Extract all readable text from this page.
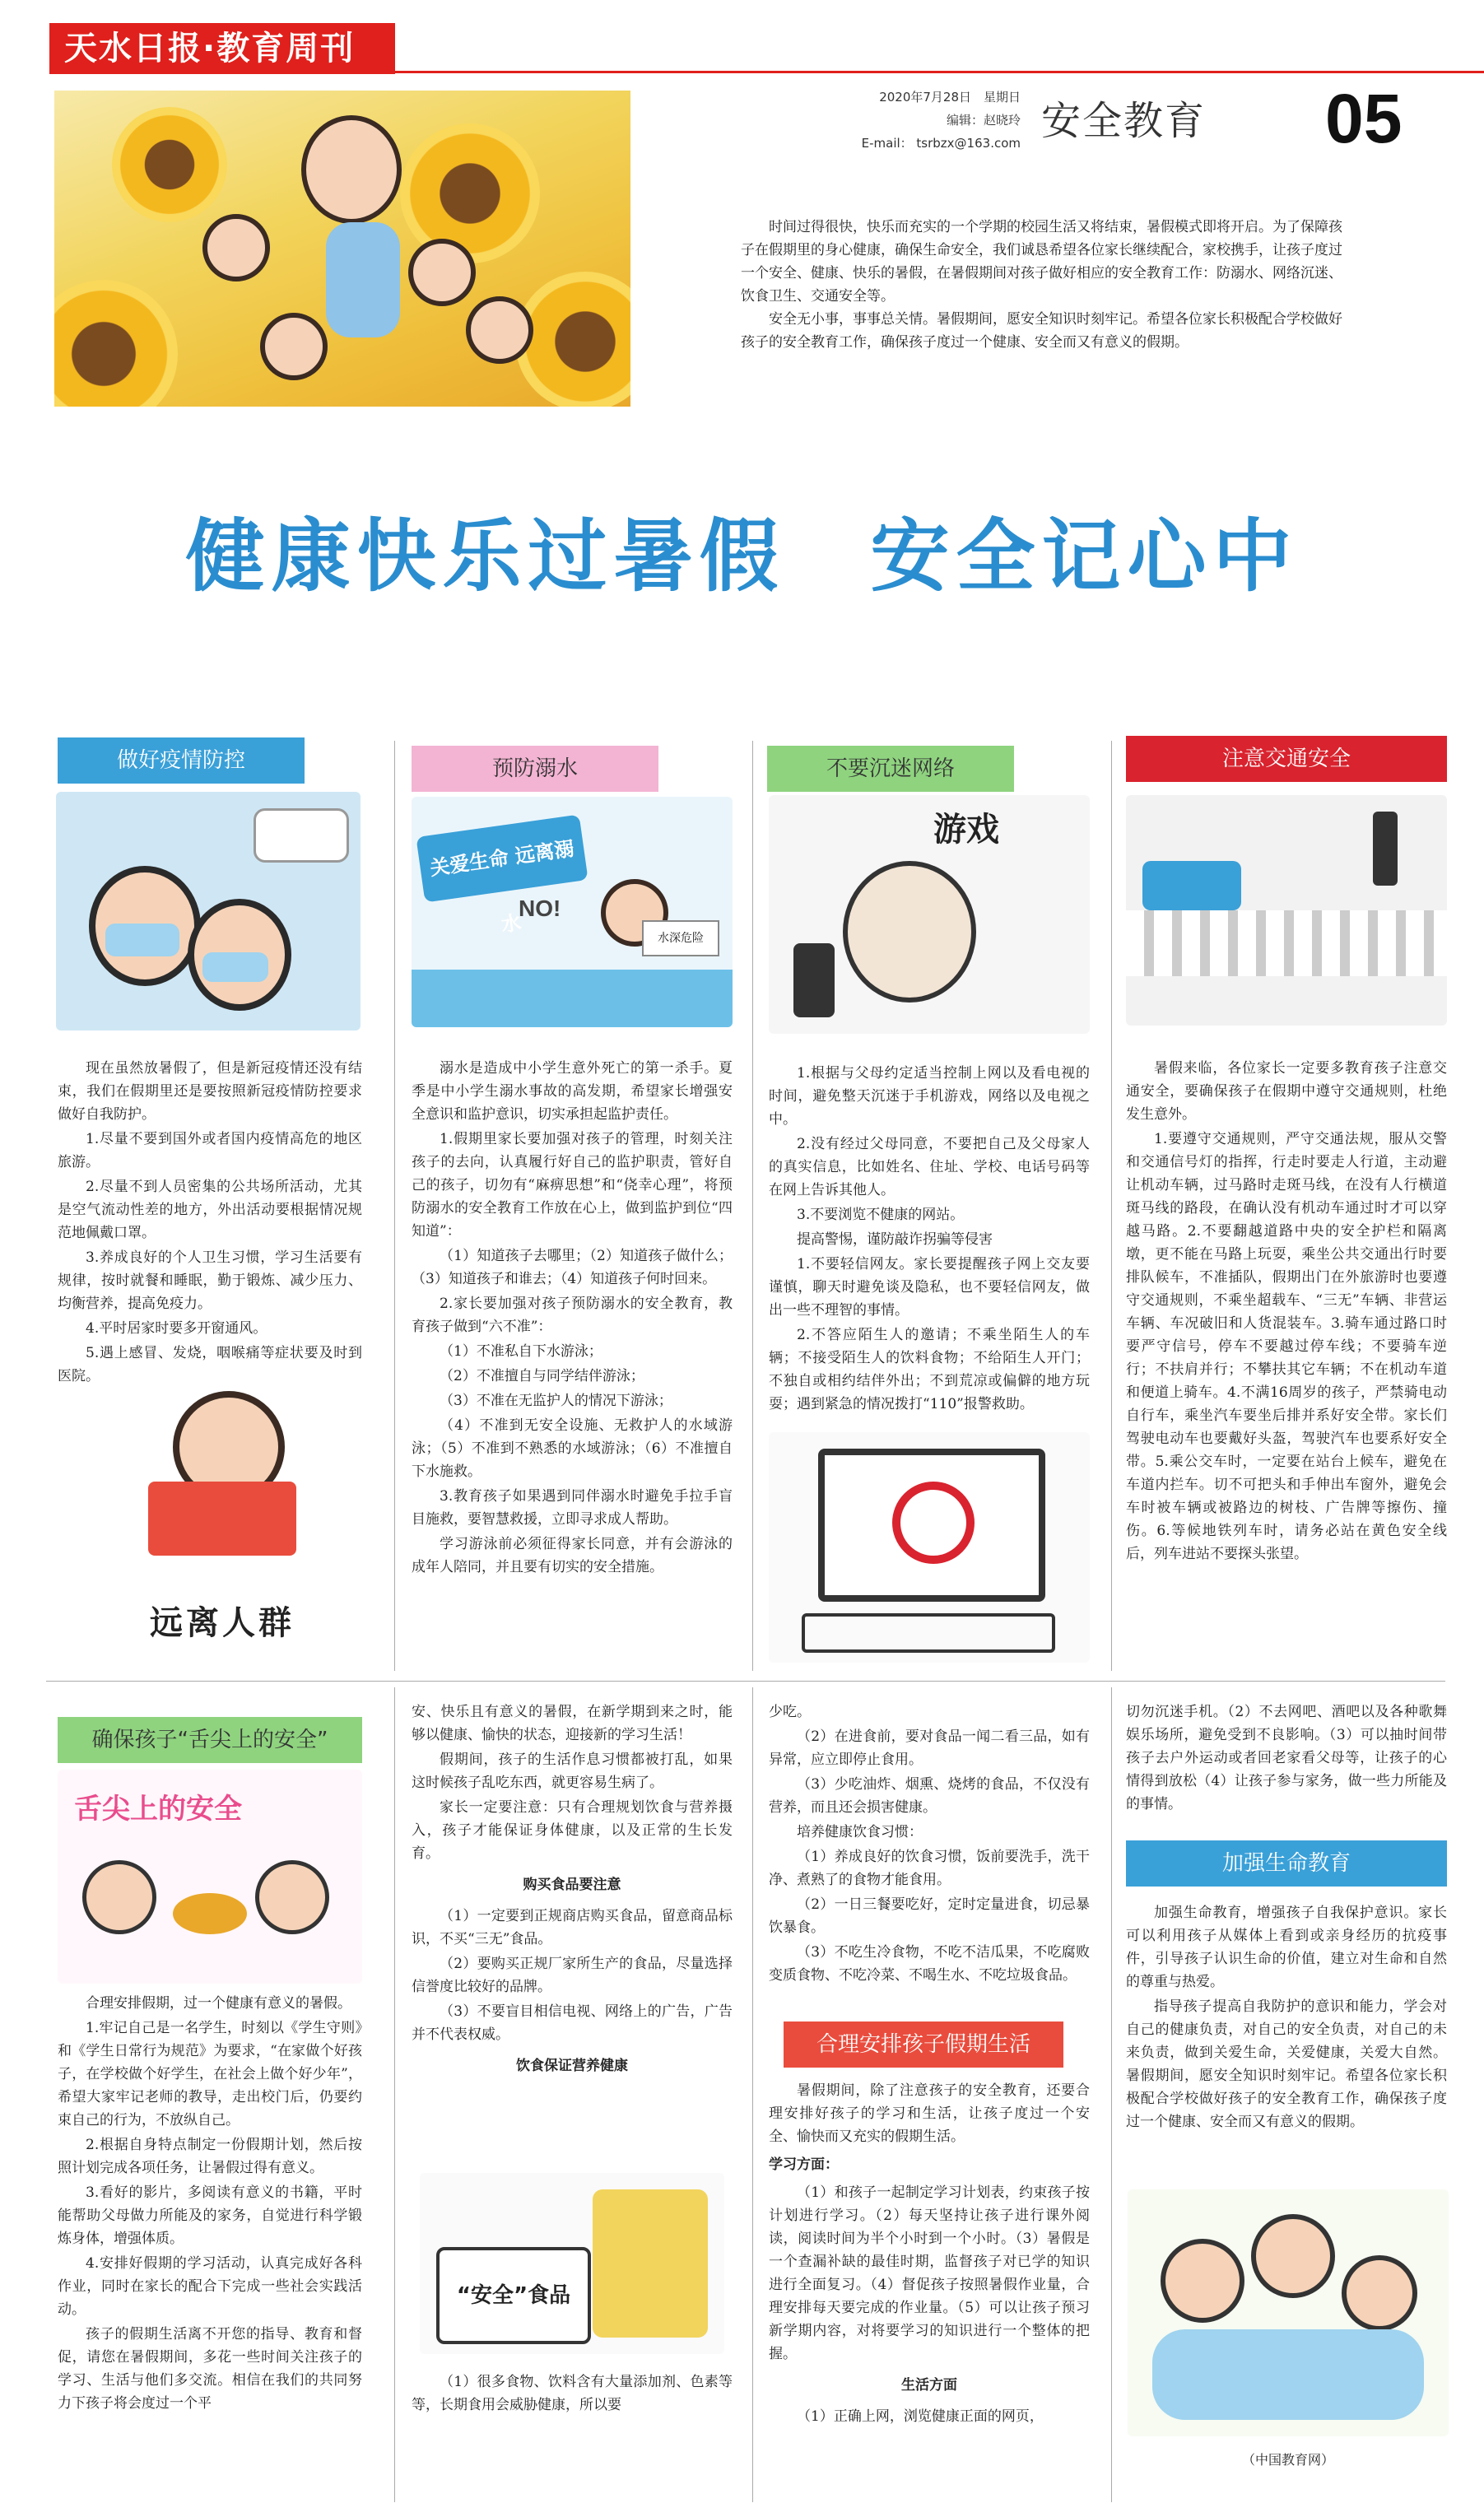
天水日报·教育周刊
2020年7月28日　星期日
编辑：赵晓玲
E-mail： tsrbzx@163.com 安全教育 05

时间过得很快，快乐而充实的一个学期的校园生活又将结束，暑假模式即将开启。为了保障孩子在假期里的身心健康，确保生命安全，我们诚恳希望各位家长继续配合，家校携手，让孩子度过一个安全、健康、快乐的暑假，在暑假期间对孩子做好相应的安全教育工作：防溺水、网络沉迷、饮食卫生、交通安全等。

安全无小事，事事总关情。暑假期间，愿安全知识时刻牢记。希望各位家长积极配合学校做好孩子的安全教育工作，确保孩子度过一个健康、安全而又有意义的假期。

健康快乐过暑假　安全记心中
做好疫情防控

现在虽然放暑假了，但是新冠疫情还没有结束，我们在假期里还是要按照新冠疫情防控要求做好自我防护。

1.尽量不要到国外或者国内疫情高危的地区旅游。

2.尽量不到人员密集的公共场所活动，尤其是空气流动性差的地方，外出活动要根据情况规范地佩戴口罩。

3.养成良好的个人卫生习惯，学习生活要有规律，按时就餐和睡眠，勤于锻炼、减少压力、均衡营养，提高免疫力。

4.平时居家时要多开窗通风。

5.遇上感冒、发烧，咽喉痛等症状要及时到医院。

远离人群
预防溺水
关爱生命 远离溺水
NO!
水深危险

溺水是造成中小学生意外死亡的第一杀手。夏季是中小学生溺水事故的高发期，希望家长增强安全意识和监护意识，切实承担起监护责任。

1.假期里家长要加强对孩子的管理，时刻关注孩子的去向，认真履行好自己的监护职责，管好自己的孩子，切勿有“麻痹思想”和“侥幸心理”，将预防溺水的安全教育工作放在心上，做到监护到位“四知道”：

（1）知道孩子去哪里；（2）知道孩子做什么；（3）知道孩子和谁去；（4）知道孩子何时回来。

2.家长要加强对孩子预防溺水的安全教育，教育孩子做到“六不准”：

（1）不准私自下水游泳；

（2）不准擅自与同学结伴游泳；

（3）不准在无监护人的情况下游泳；

（4）不准到无安全设施、无救护人的水域游泳；（5）不准到不熟悉的水域游泳；（6）不准擅自下水施救。

3.教育孩子如果遇到同伴溺水时避免手拉手盲目施救，要智慧救援，立即寻求成人帮助。

学习游泳前必须征得家长同意，并有会游泳的成年人陪同，并且要有切实的安全措施。

不要沉迷网络
游戏

1.根据与父母约定适当控制上网以及看电视的时间，避免整天沉迷于手机游戏，网络以及电视之中。

2.没有经过父母同意，不要把自己及父母家人的真实信息，比如姓名、住址、学校、电话号码等在网上告诉其他人。

3.不要浏览不健康的网站。

提高警惕，谨防敲诈拐骗等侵害

1.不要轻信网友。家长要提醒孩子网上交友要谨慎，聊天时避免谈及隐私，也不要轻信网友，做出一些不理智的事情。

2.不答应陌生人的邀请；不乘坐陌生人的车辆；不接受陌生人的饮料食物；不给陌生人开门；不独自或相约结伴外出；不到荒凉或偏僻的地方玩耍；遇到紧急的情况拨打“110”报警救助。

注意交通安全

暑假来临，各位家长一定要多教育孩子注意交通安全，要确保孩子在假期中遵守交通规则，杜绝发生意外。

1.要遵守交通规则，严守交通法规，服从交警和交通信号灯的指挥，行走时要走人行道，主动避让机动车辆，过马路时走斑马线，在没有人行横道斑马线的路段，在确认没有机动车通过时才可以穿越马路。2.不要翻越道路中央的安全护栏和隔离墩，更不能在马路上玩耍，乘坐公共交通出行时要排队候车，不准插队，假期出门在外旅游时也要遵守交通规则，不乘坐超载车、“三无”车辆、非营运车辆、车况破旧和人货混装车。3.骑车通过路口时要严守信号，停车不要越过停车线；不要骑车逆行；不扶肩并行；不攀扶其它车辆；不在机动车道和便道上骑车。4.不满16周岁的孩子，严禁骑电动自行车，乘坐汽车要坐后排并系好安全带。家长们驾驶电动车也要戴好头盔，驾驶汽车也要系好安全带。5.乘公交车时，一定要在站台上候车，避免在车道内拦车。切不可把头和手伸出车窗外，避免会车时被车辆或被路边的树枝、广告牌等擦伤、撞伤。6.等候地铁列车时，请务必站在黄色安全线后，列车进站不要探头张望。

确保孩子“舌尖上的安全”
舌尖上的安全

合理安排假期，过一个健康有意义的暑假。

1.牢记自己是一名学生，时刻以《学生守则》和《学生日常行为规范》为要求，“在家做个好孩子，在学校做个好学生，在社会上做个好少年”，希望大家牢记老师的教导，走出校门后，仍要约束自己的行为，不放纵自己。

2.根据自身特点制定一份假期计划，然后按照计划完成各项任务，让暑假过得有意义。

3.看好的影片，多阅读有意义的书籍，平时能帮助父母做力所能及的家务，自觉进行科学锻炼身体，增强体质。

4.安排好假期的学习活动，认真完成好各科作业，同时在家长的配合下完成一些社会实践活动。

孩子的假期生活离不开您的指导、教育和督促，请您在暑假期间，多花一些时间关注孩子的学习、生活与他们多交流。相信在我们的共同努力下孩子将会度过一个平

安、快乐且有意义的暑假，在新学期到来之时，能够以健康、愉快的状态，迎接新的学习生活！

假期间，孩子的生活作息习惯都被打乱，如果这时候孩子乱吃东西，就更容易生病了。

家长一定要注意：只有合理规划饮食与营养摄入，孩子才能保证身体健康，以及正常的生长发育。

购买食品要注意

（1）一定要到正规商店购买食品，留意商品标识，不买“三无”食品。

（2）要购买正规厂家所生产的食品，尽量选择信誉度比较好的品牌。

（3）不要盲目相信电视、网络上的广告，广告并不代表权威。

饮食保证营养健康

“安全”食品

（1）很多食物、饮料含有大量添加剂、色素等等，长期食用会威胁健康，所以要

少吃。

（2）在进食前，要对食品一闻二看三品，如有异常，应立即停止食用。

（3）少吃油炸、烟熏、烧烤的食品，不仅没有营养，而且还会损害健康。

培养健康饮食习惯：

（1）养成良好的饮食习惯，饭前要洗手，洗干净、煮熟了的食物才能食用。

（2）一日三餐要吃好，定时定量进食，切忌暴饮暴食。

（3）不吃生冷食物，不吃不洁瓜果，不吃腐败变质食物、不吃冷菜、不喝生水、不吃垃圾食品。

合理安排孩子假期生活

暑假期间，除了注意孩子的安全教育，还要合理安排好孩子的学习和生活，让孩子度过一个安全、愉快而又充实的假期生活。

学习方面：

（1）和孩子一起制定学习计划表，约束孩子按计划进行学习。（2）每天坚持让孩子进行课外阅读，阅读时间为半个小时到一个小时。（3）暑假是一个查漏补缺的最佳时期，监督孩子对已学的知识进行全面复习。（4）督促孩子按照暑假作业量，合理安排每天要完成的作业量。（5）可以让孩子预习新学期内容，对将要学习的知识进行一个整体的把握。

生活方面

（1）正确上网，浏览健康正面的网页，

切勿沉迷手机。（2）不去网吧、酒吧以及各种歌舞娱乐场所，避免受到不良影响。（3）可以抽时间带孩子去户外运动或者回老家看父母等，让孩子的心情得到放松（4）让孩子参与家务，做一些力所能及的事情。

加强生命教育

加强生命教育，增强孩子自我保护意识。家长可以利用孩子从媒体上看到或亲身经历的抗疫事件，引导孩子认识生命的价值，建立对生命和自然的尊重与热爱。

指导孩子提高自我防护的意识和能力，学会对自己的健康负责，对自己的安全负责，对自己的未来负责，做到关爱生命，关爱健康，关爱大自然。暑假期间，愿安全知识时刻牢记。希望各位家长积极配合学校做好孩子的安全教育工作，确保孩子度过一个健康、安全而又有意义的假期。

（中国教育网）
